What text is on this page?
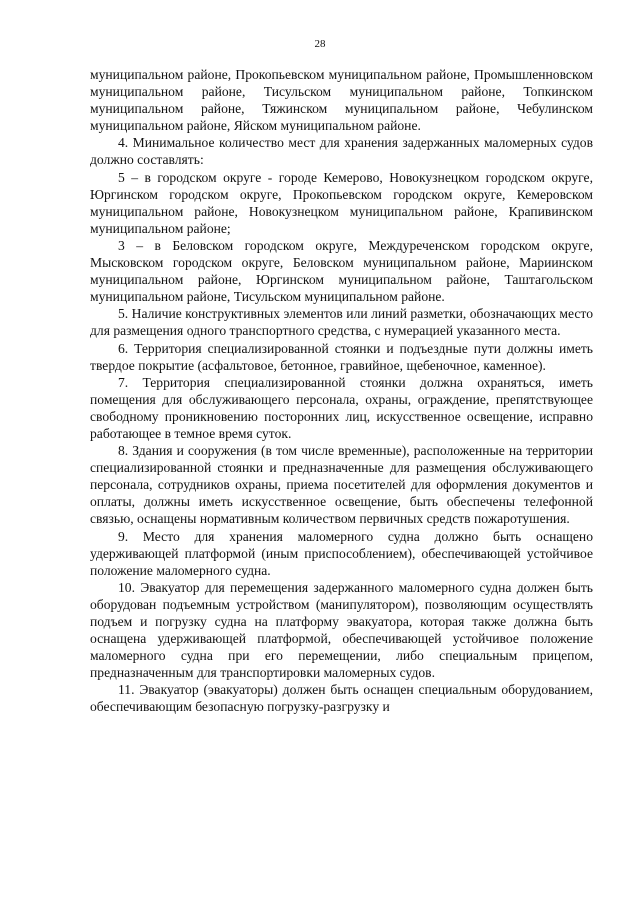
28

муниципальном районе, Прокопьевском муниципальном районе, Промышленновском муниципальном районе, Тисульском муниципальном районе, Топкинском муниципальном районе, Тяжинском муниципальном районе, Чебулинском муниципальном районе, Яйском муниципальном районе.

4. Минимальное количество мест для хранения задержанных маломерных судов должно составлять:

5 – в городском округе - городе Кемерово, Новокузнецком городском округе, Юргинском городском округе, Прокопьевском городском округе, Кемеровском муниципальном районе, Новокузнецком муниципальном районе, Крапивинском муниципальном районе;

3 – в Беловском городском округе, Междуреченском городском округе, Мысковском городском округе, Беловском муниципальном районе, Мариинском муниципальном районе, Юргинском муниципальном районе, Таштагольском муниципальном районе, Тисульском муниципальном районе.

5. Наличие конструктивных элементов или линий разметки, обозначающих место для размещения одного транспортного средства, с нумерацией указанного места.

6. Территория специализированной стоянки и подъездные пути должны иметь твердое покрытие (асфальтовое, бетонное, гравийное, щебеночное, каменное).

7. Территория специализированной стоянки должна охраняться, иметь помещения для обслуживающего персонала, охраны, ограждение, препятствующее свободному проникновению посторонних лиц, искусственное освещение, исправно работающее в темное время суток.

8. Здания и сооружения (в том числе временные), расположенные на территории специализированной стоянки и предназначенные для размещения обслуживающего персонала, сотрудников охраны, приема посетителей для оформления документов и оплаты, должны иметь искусственное освещение, быть обеспечены телефонной связью, оснащены нормативным количеством первичных средств пожаротушения.

9. Место для хранения маломерного судна должно быть оснащено удерживающей платформой (иным приспособлением), обеспечивающей устойчивое положение маломерного судна.

10. Эвакуатор для перемещения задержанного маломерного судна должен быть оборудован подъемным устройством (манипулятором), позволяющим осуществлять подъем и погрузку судна на платформу эвакуатора, которая также должна быть оснащена удерживающей платформой, обеспечивающей устойчивое положение маломерного судна при его перемещении, либо специальным прицепом, предназначенным для транспортировки маломерных судов.

11. Эвакуатор (эвакуаторы) должен быть оснащен специальным оборудованием, обеспечивающим безопасную погрузку-разгрузку и
